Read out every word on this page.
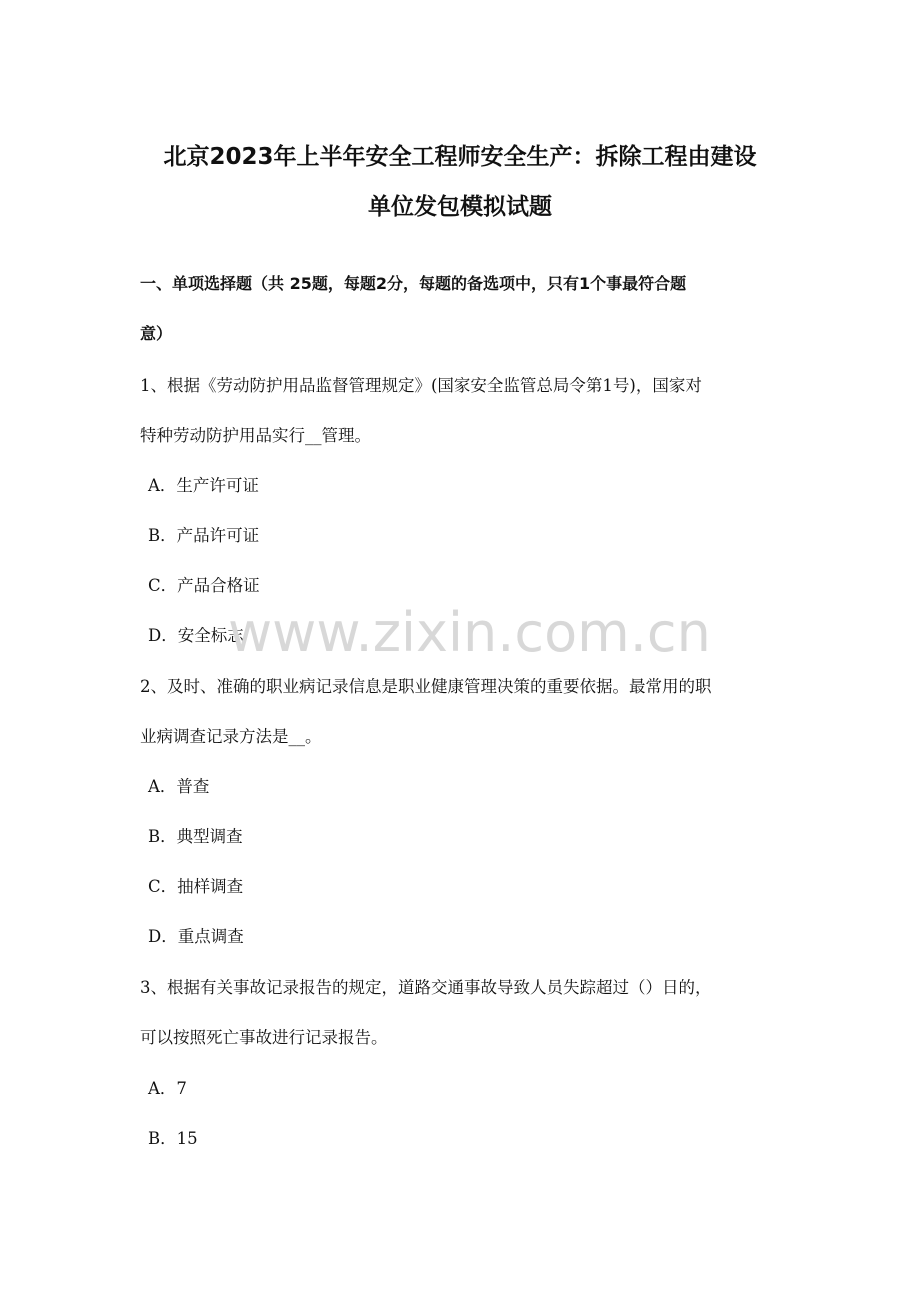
北京2023年上半年安全工程师安全生产：拆除工程由建设
单位发包模拟试题

一、单项选择题（共 25题，每题2分，每题的备选项中，只有1个事最符合题

意）

1、根据《劳动防护用品监督管理规定》(国家安全监管总局令第1号)，国家对

特种劳动防护用品实行__管理。

A．生产许可证

B．产品许可证

C．产品合格证

D．安全标志

2、及时、准确的职业病记录信息是职业健康管理决策的重要依据。最常用的职

业病调查记录方法是__。

A．普查

B．典型调查

C．抽样调查

D．重点调查

3、根据有关事故记录报告的规定，道路交通事故导致人员失踪超过（）日的，

可以按照死亡事故进行记录报告。

A．7

B．15

www.zixin.com.cn
